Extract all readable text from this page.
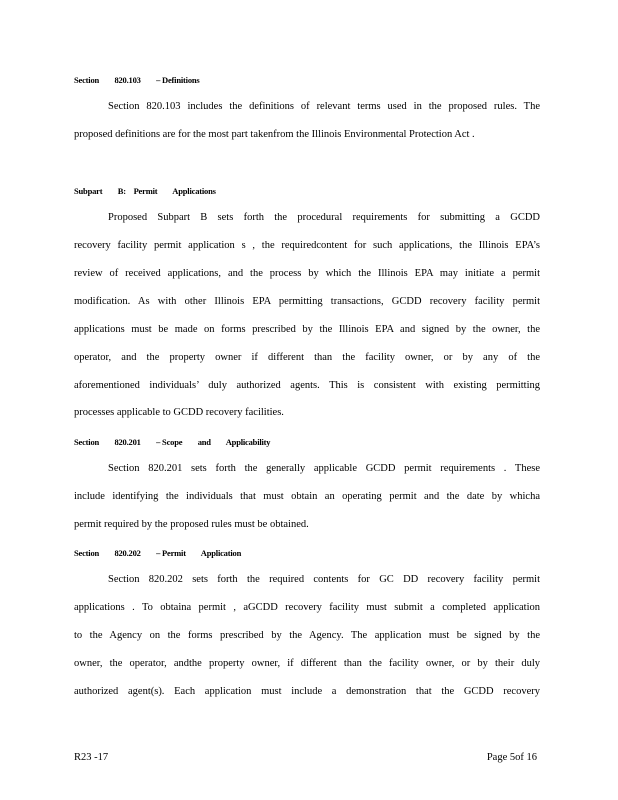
Section        820.103        – Definitions
Section 820.103 includes the definitions of relevant terms used in the proposed rules. The
proposed definitions are for the most part takenfrom the Illinois Environmental Protection Act .
Subpart        B:    Permit        Applications
Proposed Subpart B sets forth the procedural requirements for submitting a GCDD
recovery facility permit application s , the requiredcontent for such applications, the Illinois EPA’s
review of received applications, and the process by which the Illinois EPA may initiate a permit
modification. As with other Illinois EPA permitting transactions, GCDD recovery facility permit
applications must be made on forms prescribed by the Illinois EPA and signed by the owner, the
operator, and the property owner if different than the facility owner, or by any of the
aforementioned individuals’ duly authorized agents. This is consistent with existing permitting
processes applicable to GCDD recovery facilities.
Section        820.201        – Scope        and        Applicability
Section 820.201 sets forth the generally applicable GCDD permit requirements . These
include identifying the individuals that must obtain an operating permit and the date by whicha
permit required by the proposed rules must be obtained.
Section        820.202        – Permit        Application
Section 820.202 sets forth the required contents for GC DD recovery facility permit
applications . To obtaina permit , aGCDD recovery facility must submit a completed application
to the Agency on the forms prescribed by the Agency. The application must be signed by the
owner, the operator, andthe property owner, if different than the facility owner, or by their duly
authorized agent(s). Each application must include a demonstration that the GCDD recovery
R23 -17	Page 5of 16
